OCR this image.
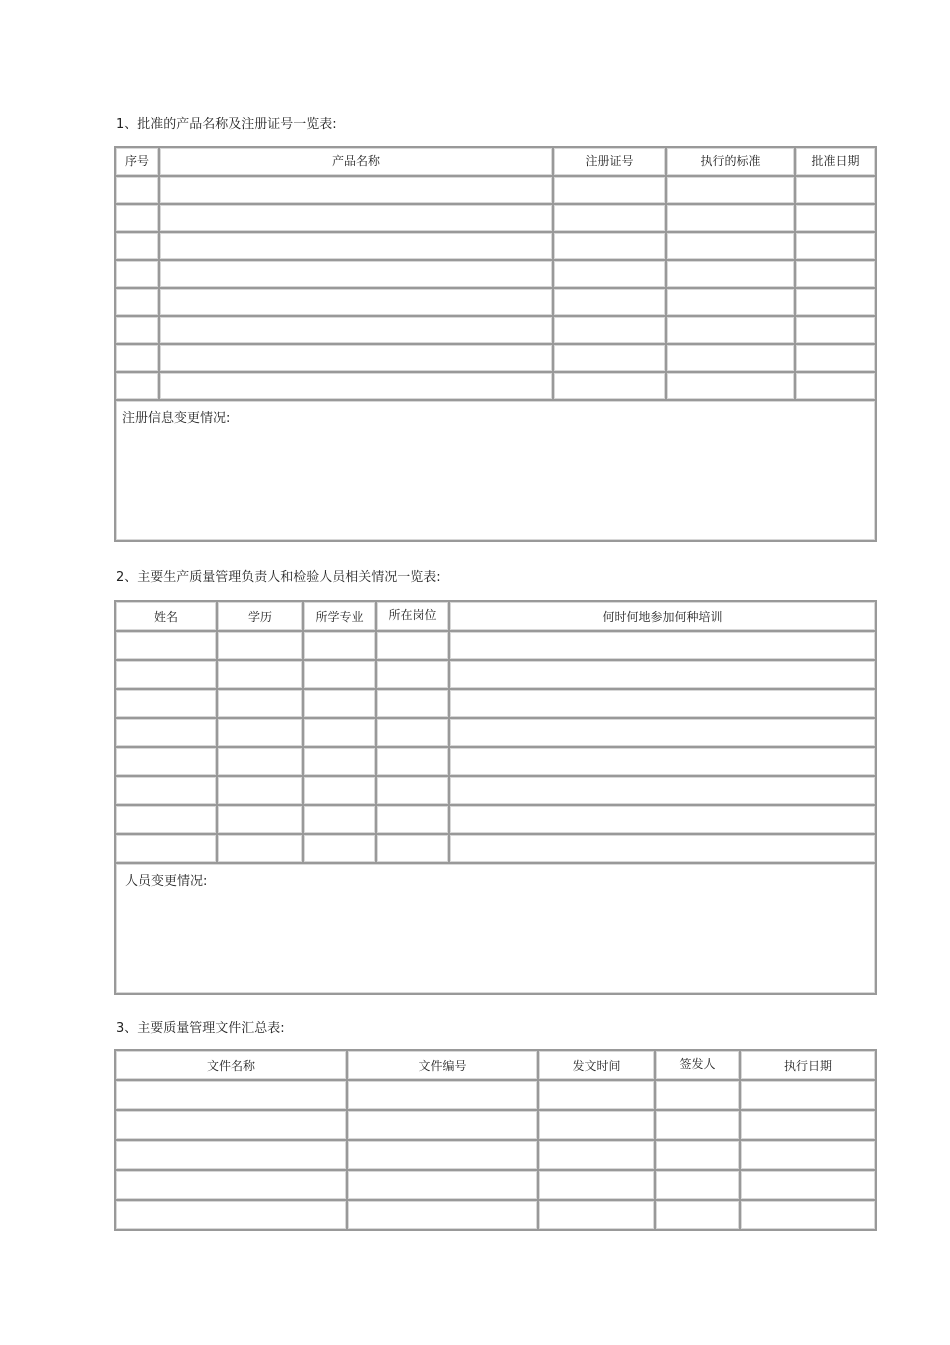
1、批准的产品名称及注册证号一览表:
序号	产品名称	注册证号	执行的标准	批准日期

注册信息变更情况:				
2、主要生产质量管理负责人和检验人员相关情况一览表:
姓名	学历	所学专业	所在岗位	何时何地参加何种培训

人员变更情况:				
3、主要质量管理文件汇总表:
文件名称	文件编号	发文时间	签发人	执行日期
